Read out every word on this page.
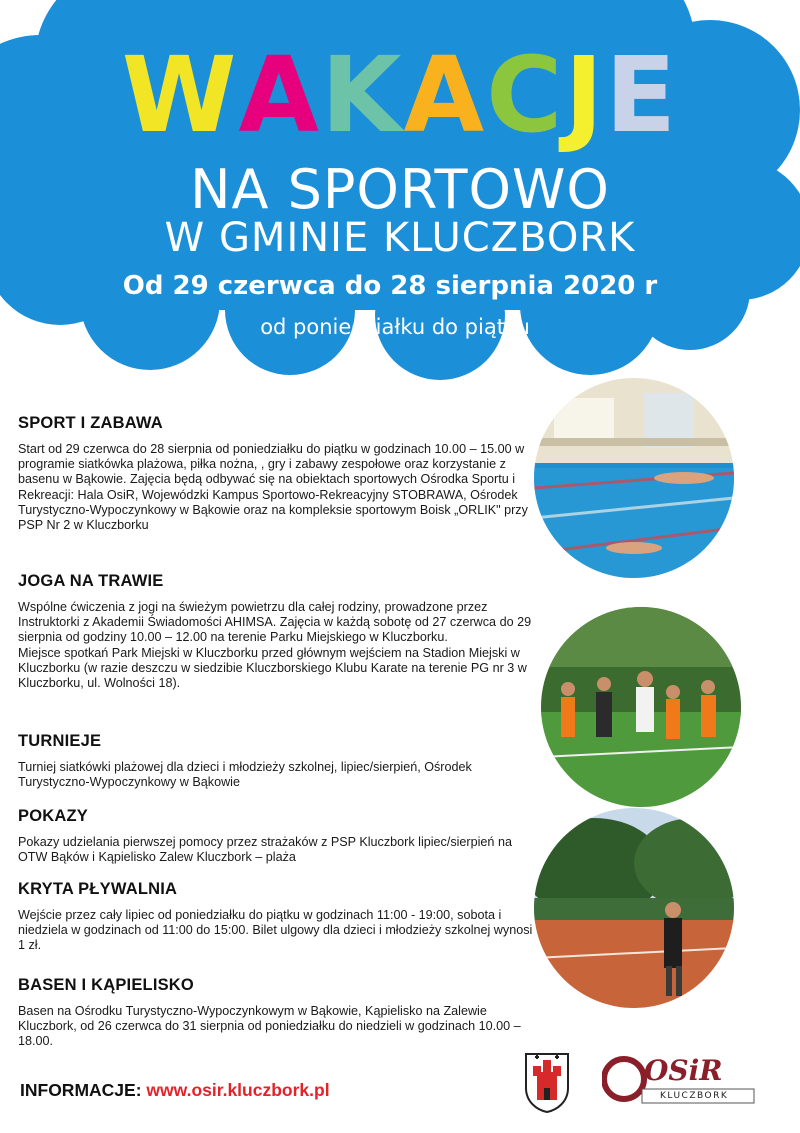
WAKACJE
NA SPORTOWO
W GMINIE KLUCZBORK
Od 29 czerwca do 28 sierpnia 2020 r
od poniedziałku do piątku
SPORT I ZABAWA

Start od 29 czerwca do 28 sierpnia od poniedziałku do piątku w godzinach 10.00 – 15.00 w programie siatkówka plażowa, piłka nożna, , gry i zabawy zespołowe oraz korzystanie z basenu w Bąkowie. Zajęcia będą odbywać się na obiektach sportowych Ośrodka Sportu i Rekreacji: Hala OsiR, Wojewódzki Kampus Sportowo-Rekreacyjny STOBRAWA, Ośrodek Turystyczno-Wypoczynkowy w Bąkowie oraz na kompleksie sportowym Boisk „ORLIK" przy PSP Nr 2 w Kluczborku

JOGA NA TRAWIE

Wspólne ćwiczenia z jogi na świeżym powietrzu dla całej rodziny, prowadzone przez Instruktorki z Akademii Świadomości AHIMSA. Zajęcia w każdą sobotę od 27 czerwca do 29 sierpnia od godziny 10.00 – 12.00 na terenie Parku Miejskiego w Kluczborku.

Miejsce spotkań Park Miejski w Kluczborku przed głównym wejściem na Stadion Miejski w Kluczborku (w razie deszczu w siedzibie Kluczborskiego Klubu Karate na terenie PG nr 3 w Kluczborku, ul. Wolności 18).

TURNIEJE

Turniej siatkówki plażowej dla dzieci i młodzieży szkolnej, lipiec/sierpień, Ośrodek Turystyczno-Wypoczynkowy w Bąkowie

POKAZY

Pokazy udzielania pierwszej pomocy przez strażaków z PSP Kluczbork lipiec/sierpień na OTW Bąków i Kąpielisko Zalew Kluczbork – plaża

KRYTA PŁYWALNIA

Wejście przez cały lipiec od poniedziałku do piątku w godzinach 11:00 - 19:00, sobota i niedziela w godzinach od 11:00 do 15:00. Bilet ulgowy dla dzieci i młodzieży szkolnej wynosi 1 zł.

BASEN I KĄPIELISKO

Basen na Ośrodku Turystyczno-Wypoczynkowym w Bąkowie, Kąpielisko na Zalewie Kluczbork, od 26 czerwca do 31 sierpnia od poniedziałku do niedzieli w godzinach 10.00 – 18.00.

INFORMACJE: www.osir.kluczbork.pl
OSiR
KLUCZBORK
